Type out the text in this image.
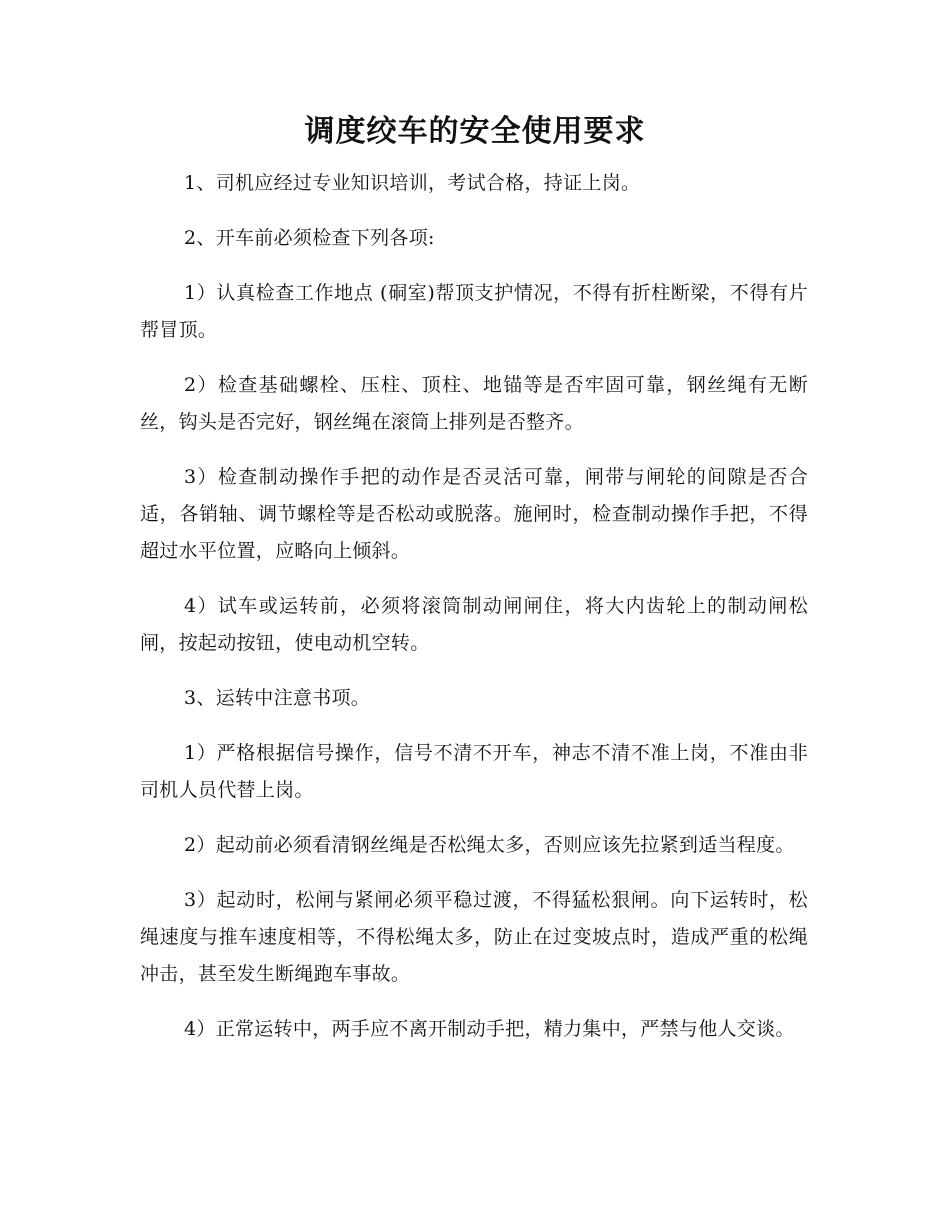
调度绞车的安全使用要求

1、司机应经过专业知识培训，考试合格，持证上岗。

2、开车前必须检查下列各项:

1）认真检查工作地点 (硐室)帮顶支护情况，不得有折柱断梁，不得有片帮冒顶。

2）检查基础螺栓、压柱、顶柱、地锚等是否牢固可靠，钢丝绳有无断丝，钩头是否完好，钢丝绳在滚筒上排列是否整齐。

3）检查制动操作手把的动作是否灵活可靠，闸带与闸轮的间隙是否合适，各销轴、调节螺栓等是否松动或脱落。施闸时，检查制动操作手把，不得超过水平位置，应略向上倾斜。

4）试车或运转前，必须将滚筒制动闸闸住，将大内齿轮上的制动闸松闸，按起动按钮，使电动机空转。

3、运转中注意书项。

1）严格根据信号操作，信号不清不开车，神志不清不准上岗，不准由非司机人员代替上岗。

2）起动前必须看清钢丝绳是否松绳太多，否则应该先拉紧到适当程度。

3）起动时，松闸与紧闸必须平稳过渡，不得猛松狠闸。向下运转时，松绳速度与推车速度相等，不得松绳太多，防止在过变坡点时，造成严重的松绳冲击，甚至发生断绳跑车事故。

4）正常运转中，两手应不离开制动手把，精力集中，严禁与他人交谈。
